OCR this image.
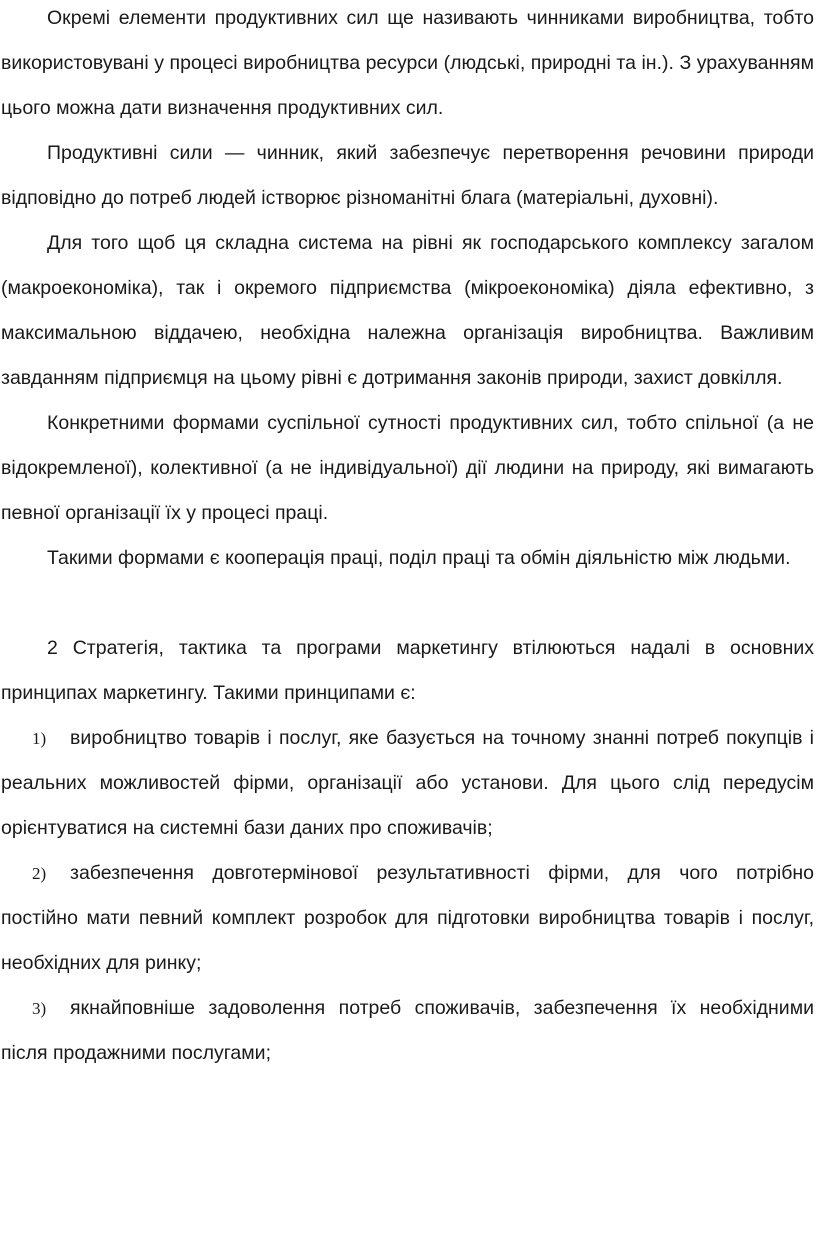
Окремі елементи продуктивних сил ще називають чинниками виробництва, тобто використовувані у процесі виробництва ресурси (людські, природні та ін.). З урахуванням цього можна дати визначення продуктивних сил.

Продуктивні сили — чинник, який забезпечує перетворення речовини природи відповідно до потреб людей істворює різноманітні блага (матеріальні, духовні).

Для того щоб ця складна система на рівні як господарського комплексу загалом (макроекономіка), так і окремого підприємства (мікроекономіка) діяла ефективно, з максимальною віддачею, необхідна належна організація виробництва. Важливим завданням підприємця на цьому рівні є дотримання законів природи, захист довкілля.

Конкретними формами суспільної сутності продуктивних сил, тобто спільної (а не відокремленої), колективної (а не індивідуальної) дії людини на природу, які вимагають певної організації їх у процесі праці.

Такими формами є кооперація праці, поділ праці та обмін діяльністю між людьми.

2 Стратегія, тактика та програми маркетингу втілюються надалі в основних принципах маркетингу. Такими принципами є:

1) виробництво товарів і послуг, яке базується на точному знанні потреб покупців і реальних можливостей фірми, організації або установи. Для цього слід передусім орієнтуватися на системні бази даних про споживачів;

2) забезпечення довготермінової результативності фірми, для чого потрібно постійно мати певний комплект розробок для підготовки виробництва товарів і послуг, необхідних для ринку;

3) якнайповніше задоволення потреб споживачів, забезпечення їх необхідними після продажними послугами;
